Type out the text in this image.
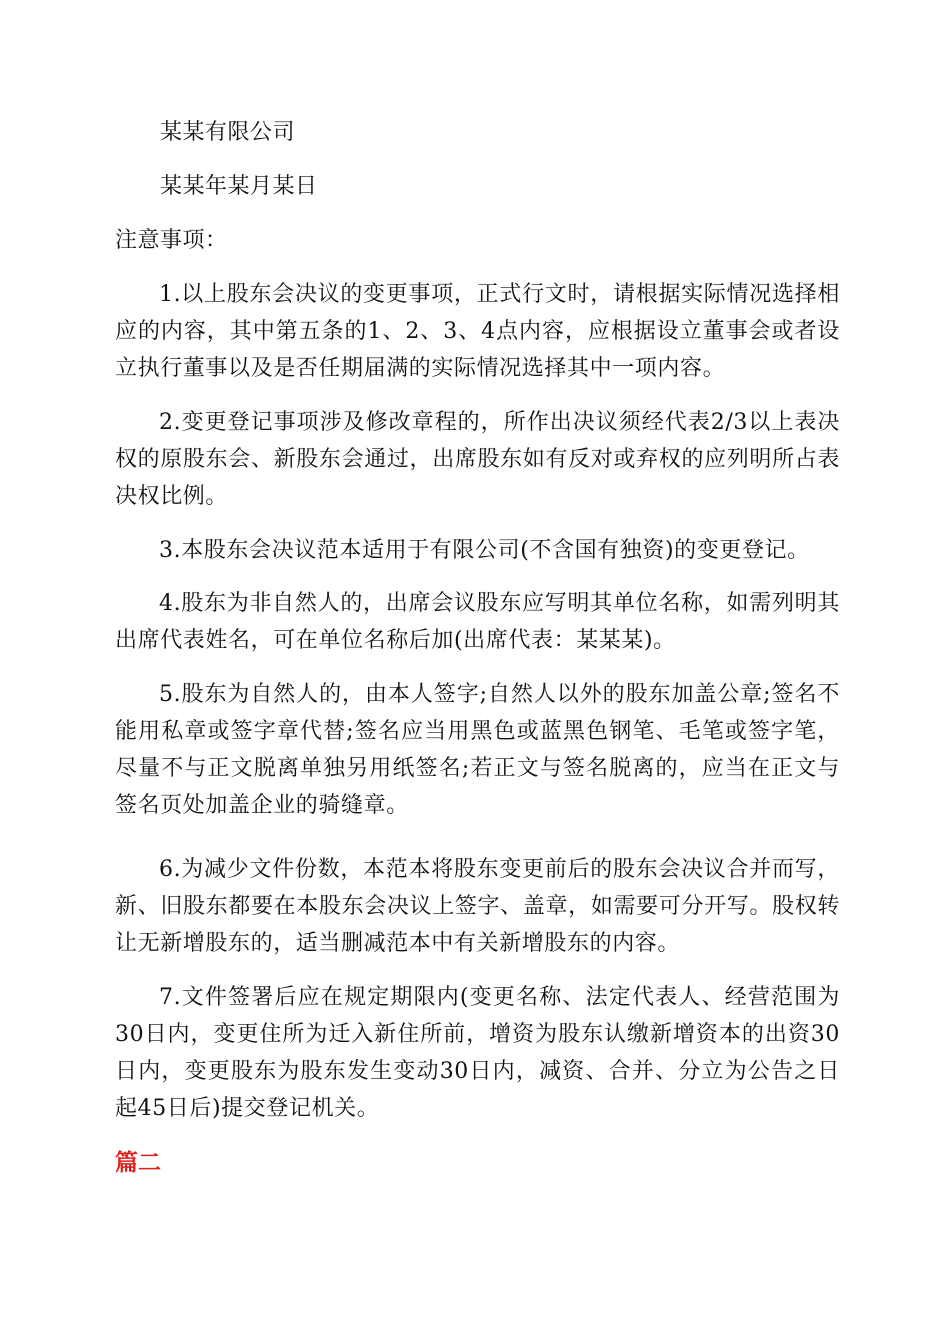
某某有限公司
某某年某月某日
注意事项：

1.以上股东会决议的变更事项，正式行文时，请根据实际情况选择相应的内容，其中第五条的1、2、3、4点内容，应根据设立董事会或者设立执行董事以及是否任期届满的实际情况选择其中一项内容。

2.变更登记事项涉及修改章程的，所作出决议须经代表2/3以上表决权的原股东会、新股东会通过，出席股东如有反对或弃权的应列明所占表决权比例。

3.本股东会决议范本适用于有限公司(不含国有独资)的变更登记。

4.股东为非自然人的，出席会议股东应写明其单位名称，如需列明其出席代表姓名，可在单位名称后加(出席代表：某某某)。

5.股东为自然人的，由本人签字;自然人以外的股东加盖公章;签名不能用私章或签字章代替;签名应当用黑色或蓝黑色钢笔、毛笔或签字笔，尽量不与正文脱离单独另用纸签名;若正文与签名脱离的，应当在正文与签名页处加盖企业的骑缝章。

6.为减少文件份数，本范本将股东变更前后的股东会决议合并而写，新、旧股东都要在本股东会决议上签字、盖章，如需要可分开写。股权转让无新增股东的，适当删减范本中有关新增股东的内容。

7.文件签署后应在规定期限内(变更名称、法定代表人、经营范围为30日内，变更住所为迁入新住所前，增资为股东认缴新增资本的出资30日内，变更股东为股东发生变动30日内，减资、合并、分立为公告之日起45日后)提交登记机关。

篇二
